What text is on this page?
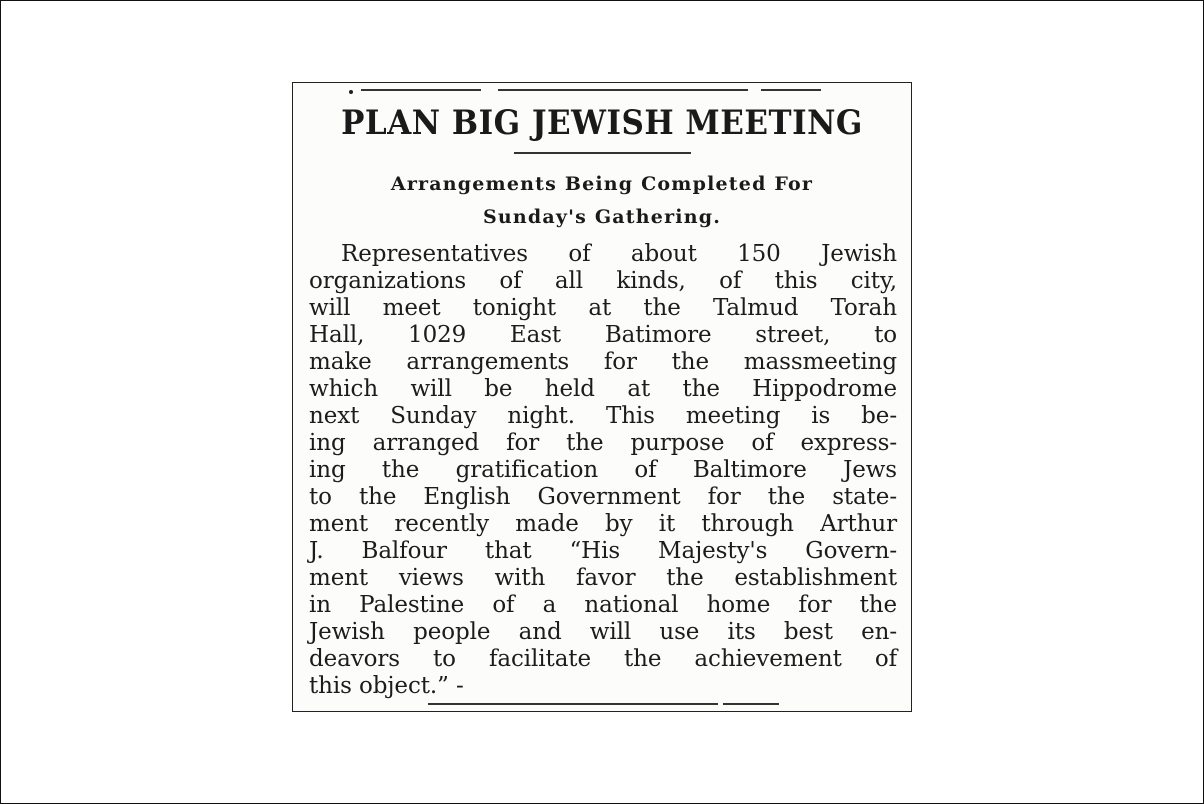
PLAN BIG JEWISH MEETING
Arrangements Being Completed For
Sunday's Gathering.
Representatives of about 150 Jewish
organizations of all kinds, of this city,
will meet tonight at the Talmud Torah
Hall, 1029 East Batimore street, to
make arrangements for the massmeeting
which will be held at the Hippodrome
next Sunday night. This meeting is be-
ing arranged for the purpose of express-
ing the gratification of Baltimore Jews
to the English Government for the state-
ment recently made by it through Arthur
J. Balfour that “His Majesty's Govern-
ment views with favor the establishment
in Palestine of a national home for the
Jewish people and will use its best en-
deavors to facilitate the achievement of
this object.” -
